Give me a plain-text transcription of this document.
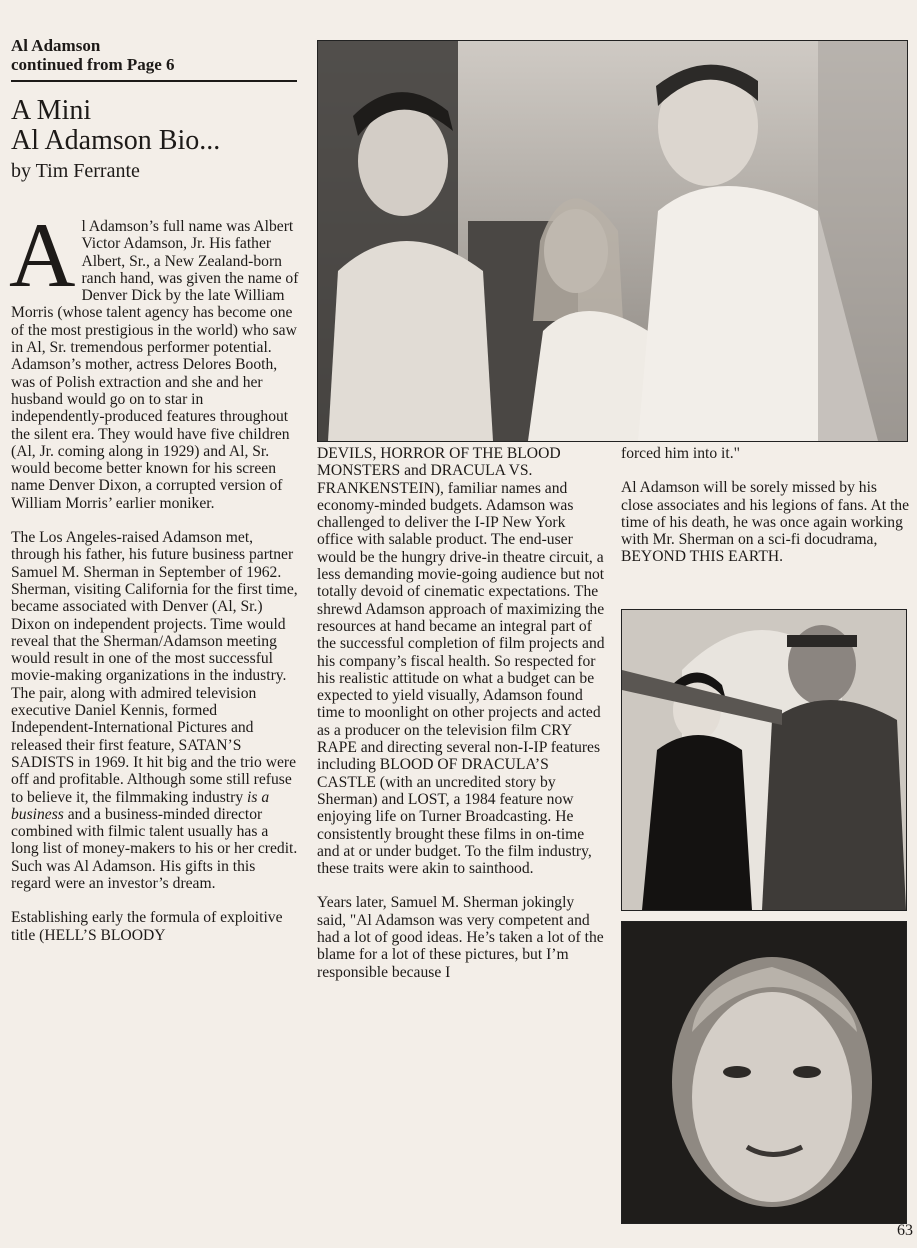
Al Adamson
continued from Page 6
A Mini
Al Adamson Bio...
by Tim Ferrante

Al Adamson’s full name was Albert Victor Adamson, Jr. His father Albert, Sr., a New Zealand-born ranch hand, was given the name of Denver Dick by the late William Morris (whose talent agency has become one of the most prestigious in the world) who saw in Al, Sr. tremendous performer potential. Adamson’s mother, actress Delores Booth, was of Polish extraction and she and her husband would go on to star in independently-produced features throughout the silent era. They would have five children (Al, Jr. coming along in 1929) and Al, Sr. would become better known for his screen name Denver Dixon, a corrupted version of William Morris’ earlier moniker.

The Los Angeles-raised Adamson met, through his father, his future business partner Samuel M. Sherman in September of 1962. Sherman, visiting California for the first time, became associated with Denver (Al, Sr.) Dixon on independent projects. Time would reveal that the Sherman/Adamson meeting would result in one of the most successful movie-making organizations in the industry. The pair, along with admired television executive Daniel Kennis, formed Independent-International Pictures and released their first feature, SATAN’S SADISTS in 1969. It hit big and the trio were off and profitable. Although some still refuse to believe it, the filmmaking industry is a business and a business-minded director combined with filmic talent usually has a long list of money-makers to his or her credit. Such was Al Adamson. His gifts in this regard were an investor’s dream.

Establishing early the formula of exploitive title (HELL’S BLOODY

DEVILS, HORROR OF THE BLOOD MONSTERS and DRACULA VS. FRANKENSTEIN), familiar names and economy-minded budgets. Adamson was challenged to deliver the I-IP New York office with salable product. The end-user would be the hungry drive-in theatre circuit, a less demanding movie-going audience but not totally devoid of cinematic expectations. The shrewd Adamson approach of maximizing the resources at hand became an integral part of the successful completion of film projects and his company’s fiscal health. So respected for his realistic attitude on what a budget can be expected to yield visually, Adamson found time to moonlight on other projects and acted as a producer on the television film CRY RAPE and directing several non-I-IP features including BLOOD OF DRACULA’S CASTLE (with an uncredited story by Sherman) and LOST, a 1984 feature now enjoying life on Turner Broadcasting. He consistently brought these films in on-time and at or under budget. To the film industry, these traits were akin to sainthood.

Years later, Samuel M. Sherman jokingly said, "Al Adamson was very competent and had a lot of good ideas. He’s taken a lot of the blame for a lot of these pictures, but I’m responsible because I

forced him into it."

Al Adamson will be sorely missed by his close associates and his legions of fans. At the time of his death, he was once again working with Mr. Sherman on a sci-fi docudrama, BEYOND THIS EARTH.

63
